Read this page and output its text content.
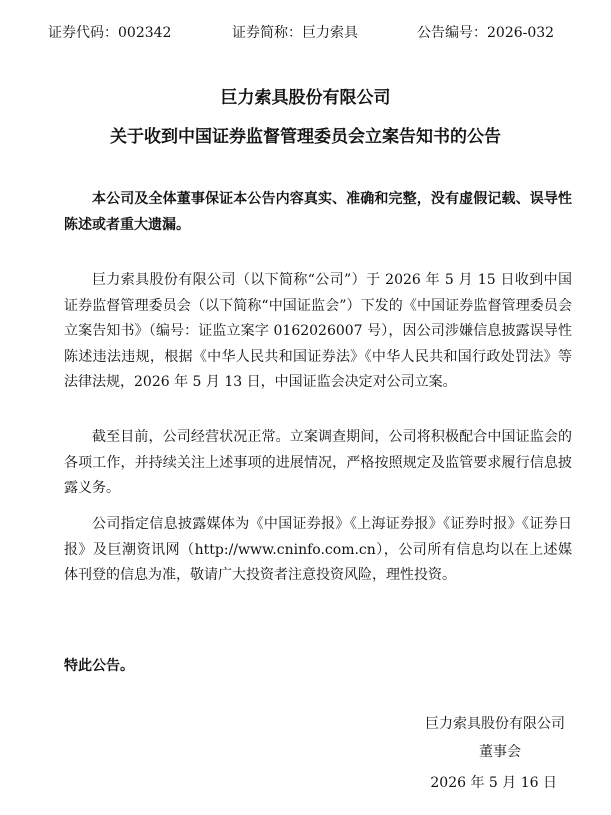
证券代码：002342	证券简称：巨力索具	公告编号：2026-032
巨力索具股份有限公司
关于收到中国证券监督管理委员会立案告知书的公告

本公司及全体董事保证本公告内容真实、准确和完整，没有虚假记载、误导性陈述或者重大遗漏。

巨力索具股份有限公司（以下简称“公司”）于 2026 年 5 月 15 日收到中国证券监督管理委员会（以下简称“中国证监会”）下发的《中国证券监督管理委员会立案告知书》（编号：证监立案字 0162026007 号），因公司涉嫌信息披露误导性陈述违法违规，根据《中华人民共和国证券法》《中华人民共和国行政处罚法》等法律法规，2026 年 5 月 13 日，中国证监会决定对公司立案。

截至目前，公司经营状况正常。立案调查期间，公司将积极配合中国证监会的各项工作，并持续关注上述事项的进展情况，严格按照规定及监管要求履行信息披露义务。

公司指定信息披露媒体为《中国证券报》《上海证券报》《证券时报》《证券日报》及巨潮资讯网（http://www.cninfo.com.cn），公司所有信息均以在上述媒体刊登的信息为准，敬请广大投资者注意投资风险，理性投资。

特此公告。
巨力索具股份有限公司
董事会
2026 年 5 月 16 日
